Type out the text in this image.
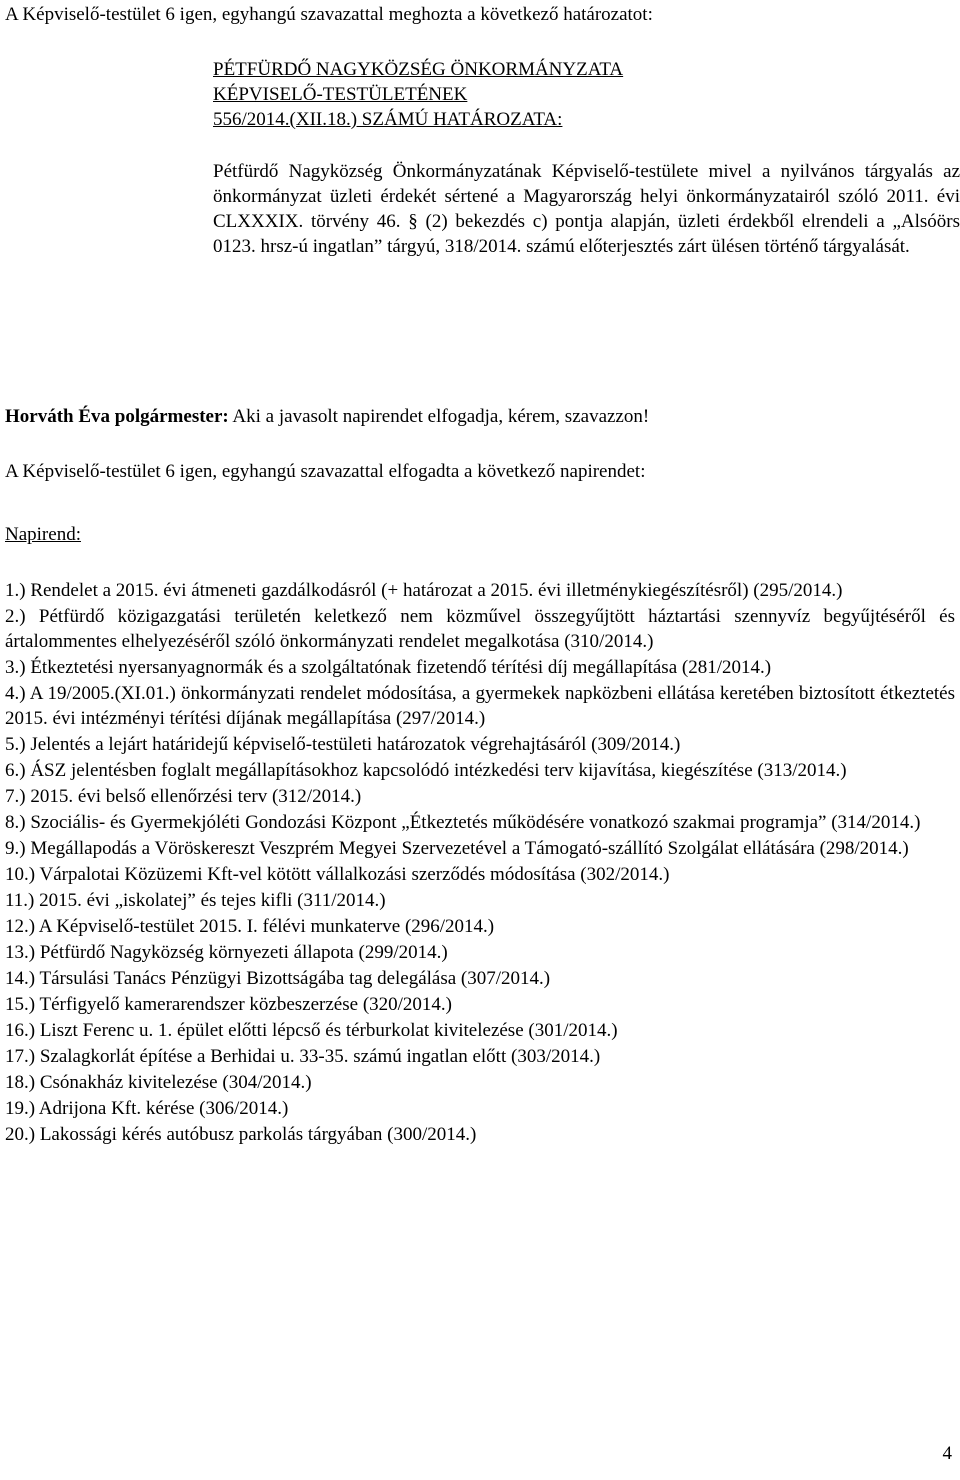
A Képviselő-testület 6 igen, egyhangú szavazattal meghozta a következő határozatot:
PÉTFÜRDŐ NAGYKÖZSÉG ÖNKORMÁNYZATA
KÉPVISELŐ-TESTÜLETÉNEK
556/2014.(XII.18.) SZÁMÚ HATÁROZATA:
Pétfürdő Nagyközség Önkormányzatának Képviselő-testülete mivel a nyilvános tárgyalás az önkormányzat üzleti érdekét sértené a Magyarország helyi önkormányzatairól szóló 2011. évi CLXXXIX. törvény 46. § (2) bekezdés c) pontja alapján, üzleti érdekből elrendeli a „Alsóörs 0123. hrsz-ú ingatlan” tárgyú, 318/2014. számú előterjesztés zárt ülésen történő tárgyalását.
Horváth Éva polgármester: Aki a javasolt napirendet elfogadja, kérem, szavazzon!
A Képviselő-testület 6 igen, egyhangú szavazattal elfogadta a következő napirendet:
Napirend:
1.) Rendelet a 2015. évi átmeneti gazdálkodásról (+ határozat a 2015. évi illetménykiegészítésről) (295/2014.)
2.) Pétfürdő közigazgatási területén keletkező nem közművel összegyűjtött háztartási szennyvíz begyűjtéséről és ártalommentes elhelyezéséről szóló önkormányzati rendelet megalkotása (310/2014.)
3.) Étkeztetési nyersanyagnormák és a szolgáltatónak fizetendő térítési díj megállapítása (281/2014.)
4.) A 19/2005.(XI.01.) önkormányzati rendelet módosítása, a gyermekek napközbeni ellátása keretében biztosított étkeztetés 2015. évi intézményi térítési díjának megállapítása (297/2014.)
5.) Jelentés a lejárt határidejű képviselő-testületi határozatok végrehajtásáról (309/2014.)
6.) ÁSZ jelentésben foglalt megállapításokhoz kapcsolódó intézkedési terv kijavítása, kiegészítése (313/2014.)
7.) 2015. évi belső ellenőrzési terv (312/2014.)
8.) Szociális- és Gyermekjóléti Gondozási Központ „Étkeztetés működésére vonatkozó szakmai programja” (314/2014.)
9.) Megállapodás a Vöröskereszt Veszprém Megyei Szervezetével a Támogató-szállító Szolgálat ellátására (298/2014.)
10.) Várpalotai Közüzemi Kft-vel kötött vállalkozási szerződés módosítása (302/2014.)
11.) 2015. évi „iskolatej” és tejes kifli (311/2014.)
12.) A Képviselő-testület 2015. I. félévi munkaterve (296/2014.)
13.) Pétfürdő Nagyközség környezeti állapota (299/2014.)
14.) Társulási Tanács Pénzügyi Bizottságába tag delegálása (307/2014.)
15.) Térfigyelő kamerarendszer közbeszerzése (320/2014.)
16.) Liszt Ferenc u. 1. épület előtti lépcső és térburkolat kivitelezése (301/2014.)
17.) Szalagkorlát építése a Berhidai u. 33-35. számú ingatlan előtt (303/2014.)
18.) Csónakház kivitelezése (304/2014.)
19.) Adrijona Kft. kérése (306/2014.)
20.) Lakossági kérés autóbusz parkolás tárgyában (300/2014.)
4
